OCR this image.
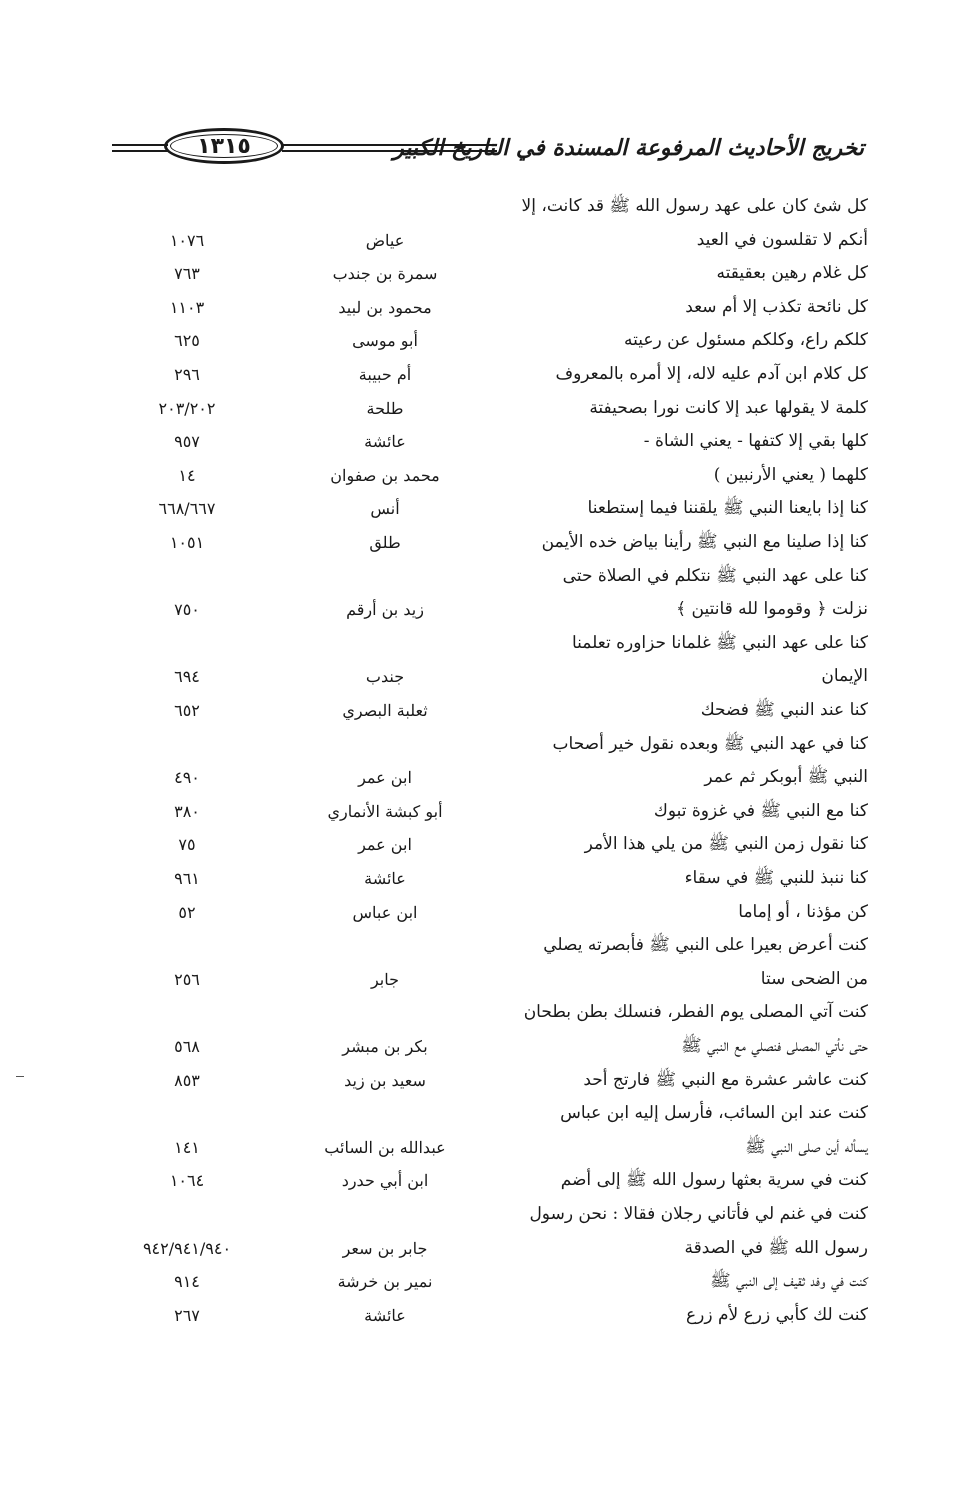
تخريج الأحاديث المرفوعة المسندة في التاريخ الكبير
١٣١٥
كل شئ كان على عهد رسول الله ﷺ قد كانت، إلا
أنكم لا تقلسون في العيد
عياض
١٠٧٦
كل غلام رهين بعقيقته
سمرة بن جندب
٧٦٣
كل نائحة تكذب إلا أم سعد
محمود بن لبيد
١١٠٣
كلكم راع، وكلكم مسئول عن رعيته
أبو موسى
٦٢٥
كل كلام ابن آدم عليه لاله، إلا أمره بالمعروف
أم حبيبة
٢٩٦
كلمة لا يقولها عبد إلا كانت نورا بصحيفتة
طلحة
٢٠٣/٢٠٢
كلها بقي إلا كتفها - يعني الشاة -
عائشة
٩٥٧
كلهما ( يعني الأرنبين )
محمد بن صفوان
١٤
كنا إذا بايعنا النبي ﷺ يلقننا فيما إستطعنا
أنس
٦٦٨/٦٦٧
كنا إذا صلينا مع النبي ﷺ رأينا بياض خده الأيمن
طلق
١٠٥١
كنا على عهد النبي ﷺ نتكلم في الصلاة حتى
نزلت ﴿ وقوموا لله قانتين ﴾
زيد بن أرقم
٧٥٠
كنا على عهد النبي ﷺ غلمانا حزاوره تعلمنا
الإيمان
جندب
٦٩٤
كنا عند النبي ﷺ فضحك
ثعلبة البصري
٦٥٢
كنا في عهد النبي ﷺ وبعده نقول خير أصحاب
النبي ﷺ أبوبكر ثم عمر
ابن عمر
٤٩٠
كنا مع النبي ﷺ في غزوة تبوك
أبو كبشة الأنماري
٣٨٠
كنا نقول زمن النبي ﷺ من يلي هذا الأمر
ابن عمر
٧٥
كنا ننبذ للنبي ﷺ في سقاء
عائشة
٩٦١
كن مؤذنا ، أو إماما
ابن عباس
٥٢
كنت أعرض بعيرا على النبي ﷺ فأبصرته يصلي
من الضحى ستا
جابر
٢٥٦
كنت آتي المصلى يوم الفطر، فنسلك بطن بطحان
حتى نأتي المصلى فنصلي مع النبي ﷺ
بكر بن مبشر
٥٦٨
كنت عاشر عشرة مع النبي ﷺ فارتج أحد
سعيد بن زيد
٨٥٣
كنت عند ابن السائب، فأرسل إليه ابن عباس
يسأله أين صلى النبي ﷺ
عبدالله بن السائب
١٤١
كنت في سرية بعثها رسول الله ﷺ إلى أضم
ابن أبي حدرد
١٠٦٤
كنت في غنم لي فأتاني رجلان فقالا : نحن رسول
رسول الله ﷺ في الصدقة
جابر بن سعر
٩٤٢/٩٤١/٩٤٠
كنت في وفد ثقيف إلى النبي ﷺ
نمير بن خرشة
٩١٤
كنت لك كأبي زرع لأم زرع
عائشة
٢٦٧
